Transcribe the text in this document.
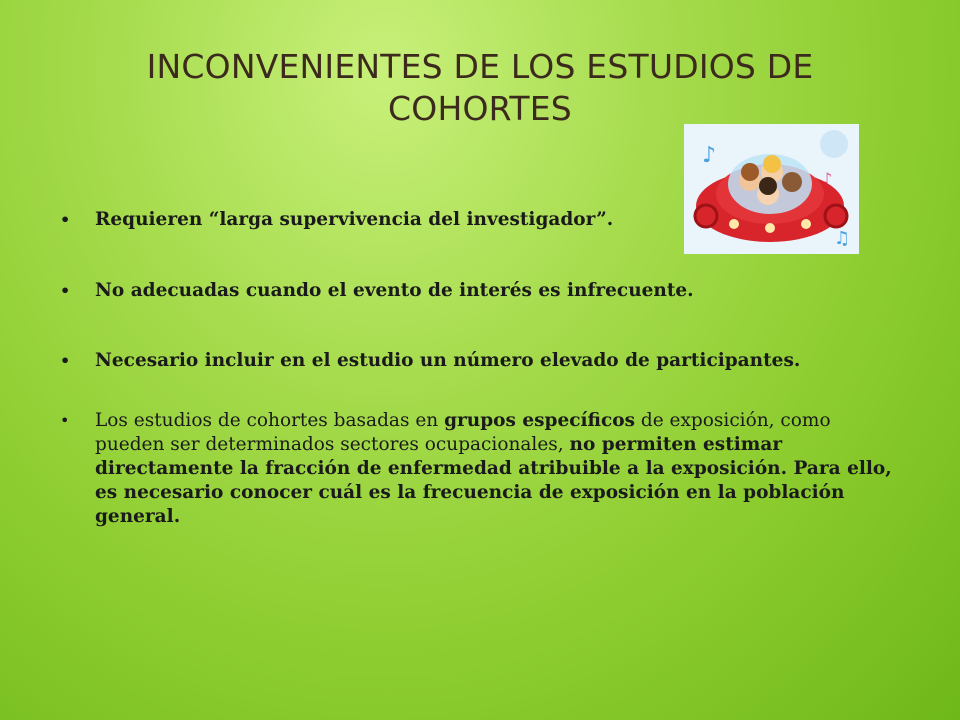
INCONVENIENTES DE LOS ESTUDIOS DE COHORTES
♪
♫
♪
• Requieren “larga supervivencia del investigador”.
• No adecuadas cuando el evento de interés es infrecuente.
• Necesario incluir en el estudio un número elevado de participantes.
• Los estudios de cohortes basadas en grupos específicos de exposición, como pueden ser determinados sectores ocupacionales, no permiten estimar directamente la fracción de enfermedad atribuible a la exposición. Para ello, es necesario conocer cuál es la frecuencia de exposición en la población general.
